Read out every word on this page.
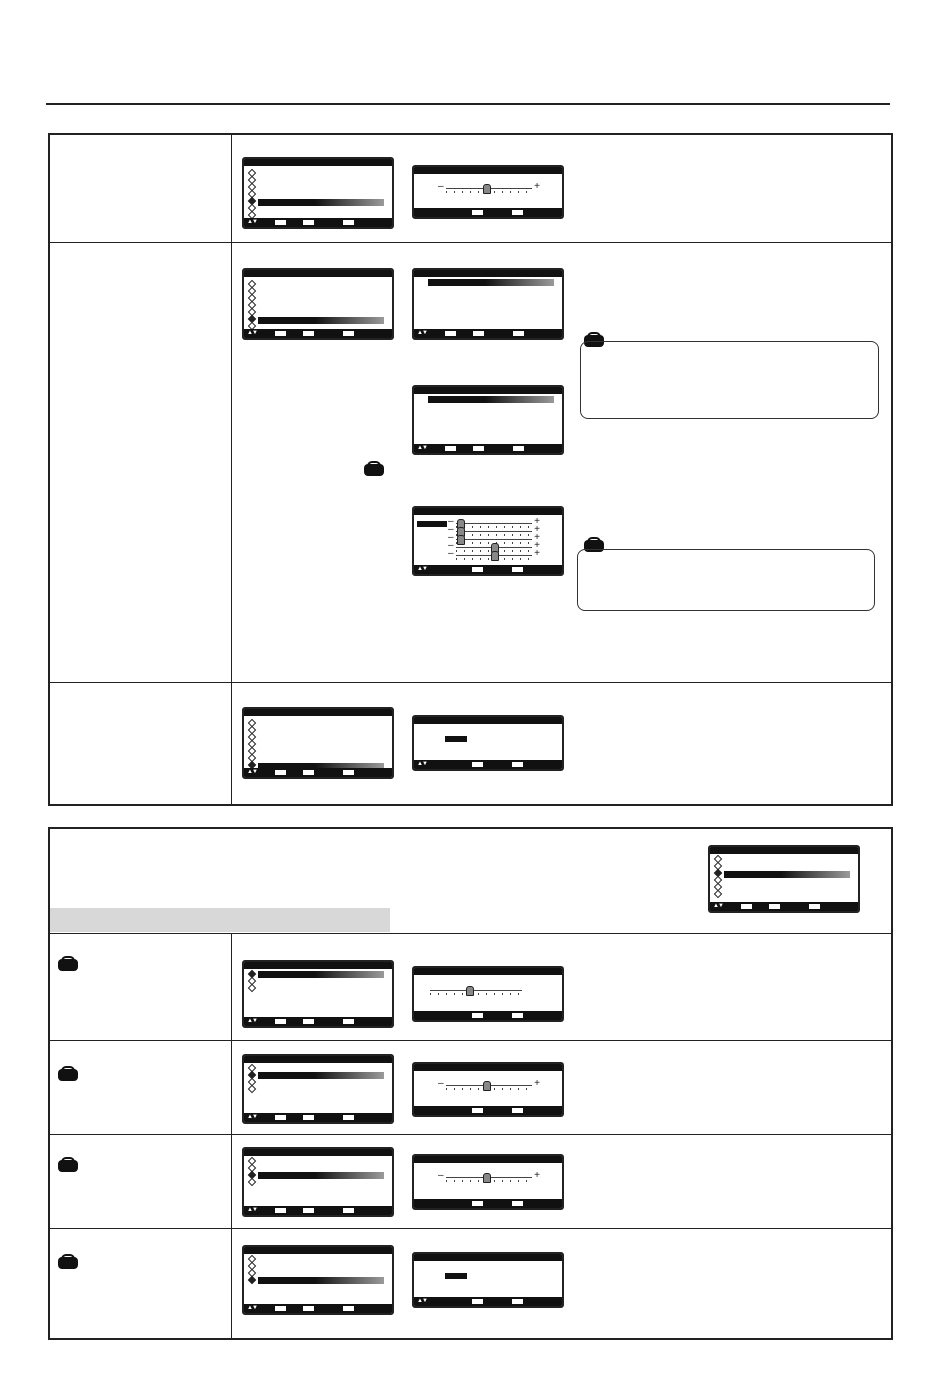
▲▼
–	+
▲▼	▲▼
▲▼
–	+
–	+
–	+
–	+
–	+
▲▼
▲▼
▲▼
▲▼
▲▼
▲▼
–	+
▲▼
–	+
▲▼
▲▼
